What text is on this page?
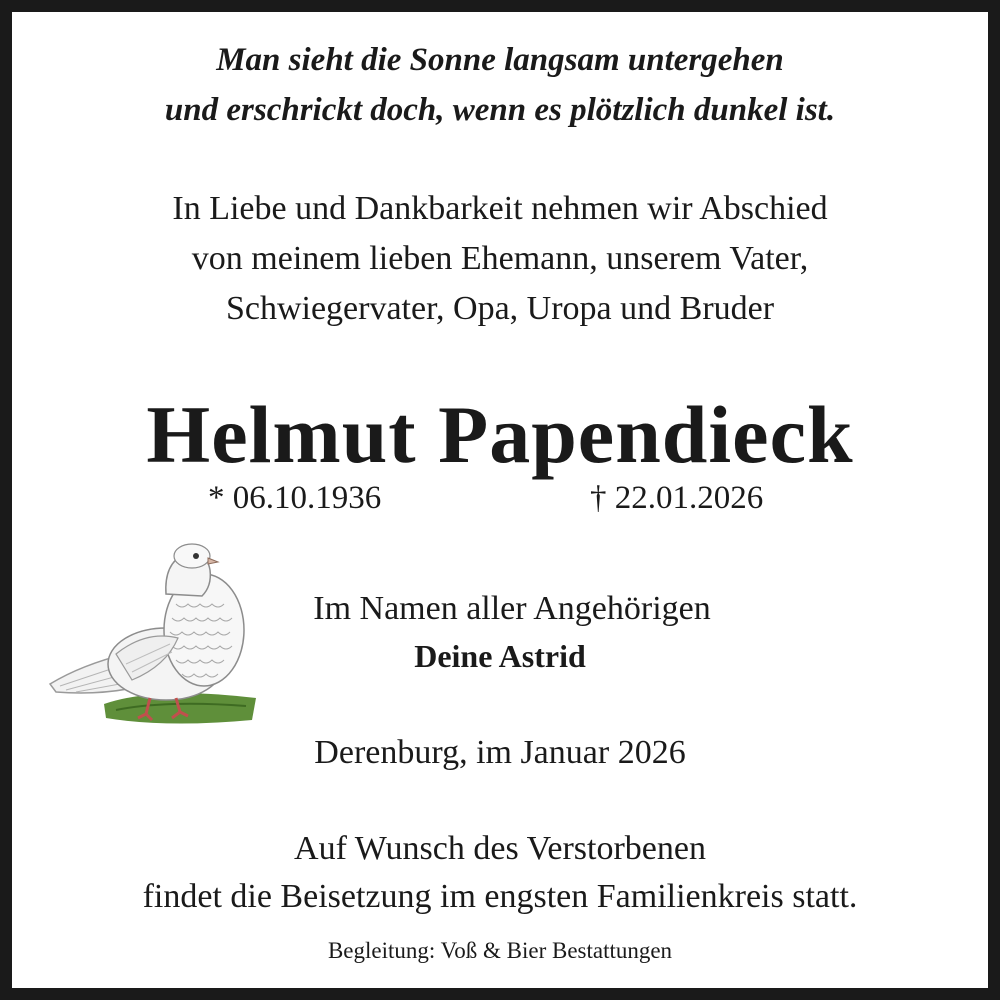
Man sieht die Sonne langsam untergehen
und erschrickt doch, wenn es plötzlich dunkel ist.
In Liebe und Dankbarkeit nehmen wir Abschied
von meinem lieben Ehemann, unserem Vater,
Schwiegervater, Opa, Uropa und Bruder
Helmut Papendieck
* 06.10.1936	† 22.01.2026
Im Namen aller Angehörigen
Deine Astrid
Derenburg, im Januar 2026
Auf Wunsch des Verstorbenen
findet die Beisetzung im engsten Familienkreis statt.
Begleitung: Voß & Bier Bestattungen
